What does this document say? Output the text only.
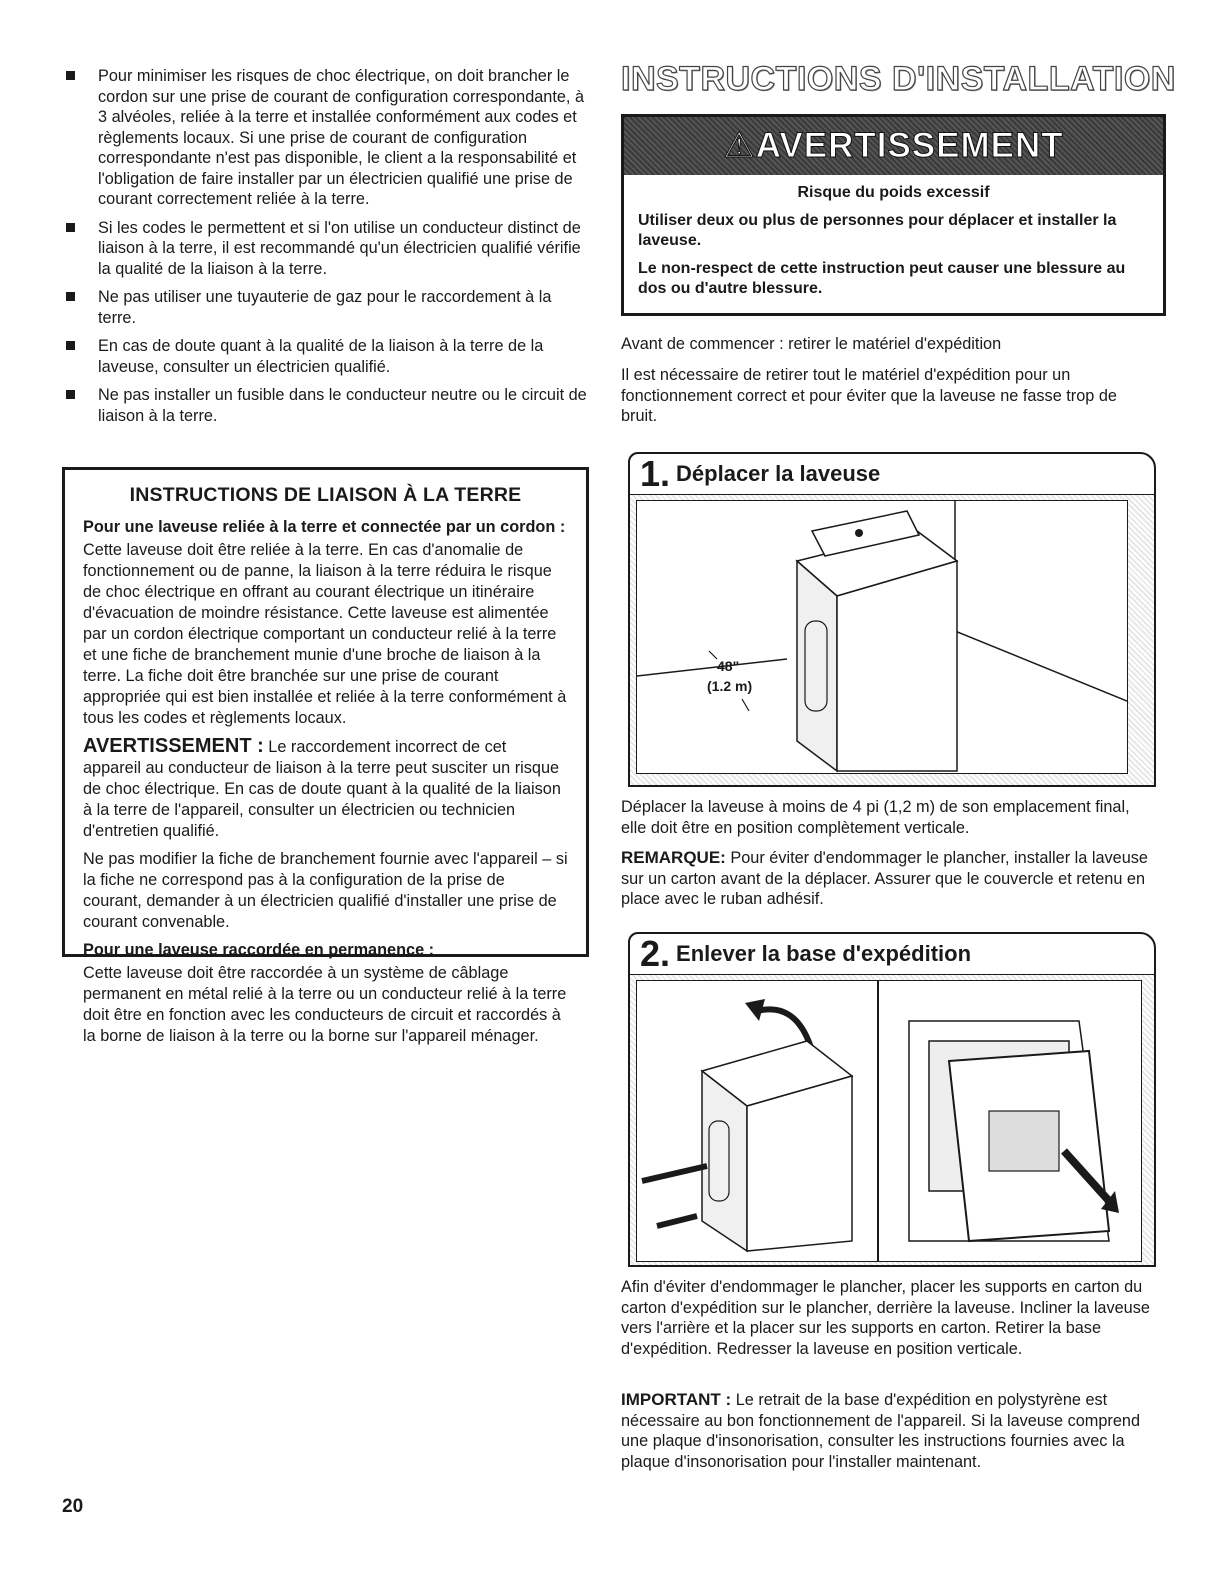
Pour minimiser les risques de choc électrique, on doit brancher le cordon sur une prise de courant de configuration correspondante, à 3 alvéoles, reliée à la terre et installée conformément aux codes et règlements locaux. Si une prise de courant de configuration correspondante n'est pas disponible, le client a la responsabilité et l'obligation de faire installer par un électricien qualifié une prise de courant correctement reliée à la terre.
Si les codes le permettent et si l'on utilise un conducteur distinct de liaison à la terre, il est recommandé qu'un électricien qualifié vérifie la qualité de la liaison à la terre.
Ne pas utiliser une tuyauterie de gaz pour le raccordement à la terre.
En cas de doute quant à la qualité de la liaison à la terre de la laveuse, consulter un électricien qualifié.
Ne pas installer un fusible dans le conducteur neutre ou le circuit de liaison à la terre.
INSTRUCTIONS DE LIAISON À LA TERRE

Pour une laveuse reliée à la terre et connectée par un cordon :

Cette laveuse doit être reliée à la terre. En cas d'anomalie de fonctionnement ou de panne, la liaison à la terre réduira le risque de choc électrique en offrant au courant électrique un itinéraire d'évacuation de moindre résistance. Cette laveuse est alimentée par un cordon électrique comportant un conducteur relié à la terre et une fiche de branchement munie d'une broche de liaison à la terre. La fiche doit être branchée sur une prise de courant appropriée qui est bien installée et reliée à la terre conformément à tous les codes et règlements locaux.

AVERTISSEMENT : Le raccordement incorrect de cet appareil au conducteur de liaison à la terre peut susciter un risque de choc électrique. En cas de doute quant à la qualité de la liaison à la terre de l'appareil, consulter un électricien ou technicien d'entretien qualifié.

Ne pas modifier la fiche de branchement fournie avec l'appareil – si la fiche ne correspond pas à la configuration de la prise de courant, demander à un électricien qualifié d'installer une prise de courant convenable.

Pour une laveuse raccordée en permanence :

Cette laveuse doit être raccordée à un système de câblage permanent en métal relié à la terre ou un conducteur relié à la terre doit être en fonction avec les conducteurs de circuit et raccordés à la borne de liaison à la terre ou la borne sur l'appareil ménager.

20
INSTRUCTIONS D'INSTALLATION
⚠AVERTISSEMENT

Risque du poids excessif

Utiliser deux ou plus de personnes pour déplacer et installer la laveuse.

Le non-respect de cette instruction peut causer une blessure au dos ou d'autre blessure.

Avant de commencer : retirer le matériel d'expédition

Il est nécessaire de retirer tout le matériel d'expédition pour un fonctionnement correct et pour éviter que la laveuse ne fasse trop de bruit.

1. Déplacer la laveuse
48"
(1.2 m)

Déplacer la laveuse à moins de 4 pi (1,2 m) de son emplacement final, elle doit être en position complètement verticale.

REMARQUE: Pour éviter d'endommager le plancher, installer la laveuse sur un carton avant de la déplacer. Assurer que le couvercle et retenu en place avec le ruban adhésif.

2. Enlever la base d'expédition

Afin d'éviter d'endommager le plancher, placer les supports en carton du carton d'expédition sur le plancher, derrière la laveuse. Incliner la laveuse vers l'arrière et la placer sur les supports en carton. Retirer la base d'expédition. Redresser la laveuse en position verticale.

IMPORTANT : Le retrait de la base d'expédition en polystyrène est nécessaire au bon fonctionnement de l'appareil. Si la laveuse comprend une plaque d'insonorisation, consulter les instructions fournies avec la plaque d'insonorisation pour l'installer maintenant.
